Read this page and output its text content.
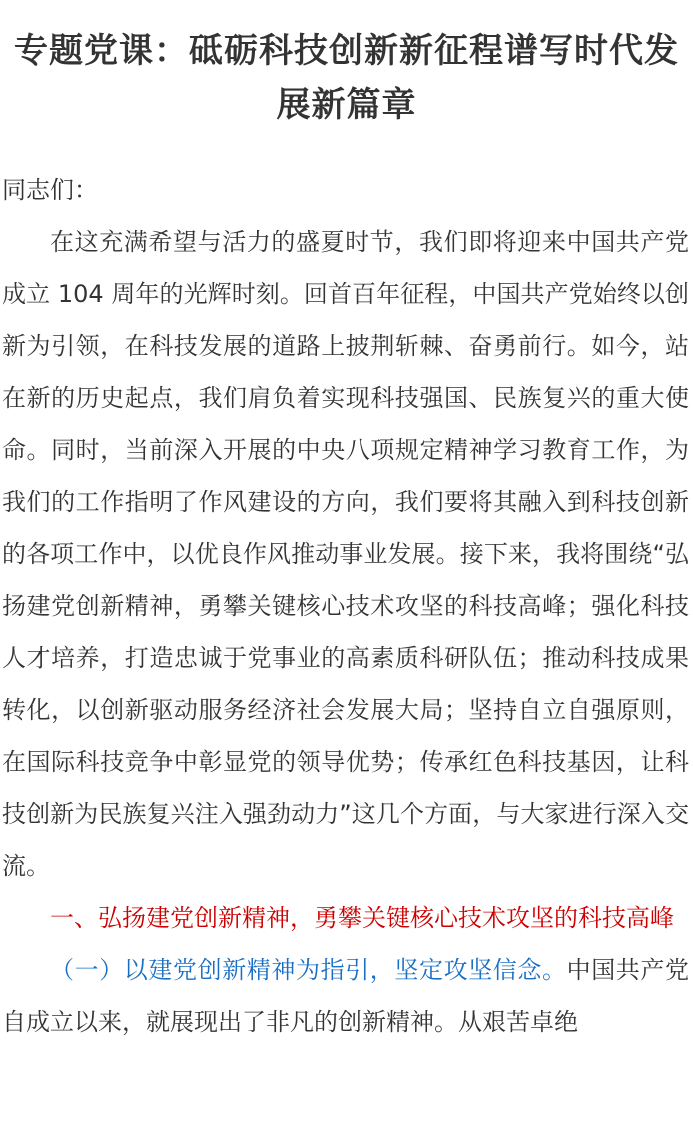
专题党课：砥砺科技创新新征程谱写时代发展新篇章

同志们：

在这充满希望与活力的盛夏时节，我们即将迎来中国共产党成立 104 周年的光辉时刻。回首百年征程，中国共产党始终以创新为引领，在科技发展的道路上披荆斩棘、奋勇前行。如今，站在新的历史起点，我们肩负着实现科技强国、民族复兴的重大使命。同时，当前深入开展的中央八项规定精神学习教育工作，为我们的工作指明了作风建设的方向，我们要将其融入到科技创新的各项工作中，以优良作风推动事业发展。接下来，我将围绕“弘扬建党创新精神，勇攀关键核心技术攻坚的科技高峰；强化科技人才培养，打造忠诚于党事业的高素质科研队伍；推动科技成果转化，以创新驱动服务经济社会发展大局；坚持自立自强原则，在国际科技竞争中彰显党的领导优势；传承红色科技基因，让科技创新为民族复兴注入强劲动力”这几个方面，与大家进行深入交流。

一、弘扬建党创新精神，勇攀关键核心技术攻坚的科技高峰

（一）以建党创新精神为指引，坚定攻坚信念。中国共产党自成立以来，就展现出了非凡的创新精神。从艰苦卓绝
